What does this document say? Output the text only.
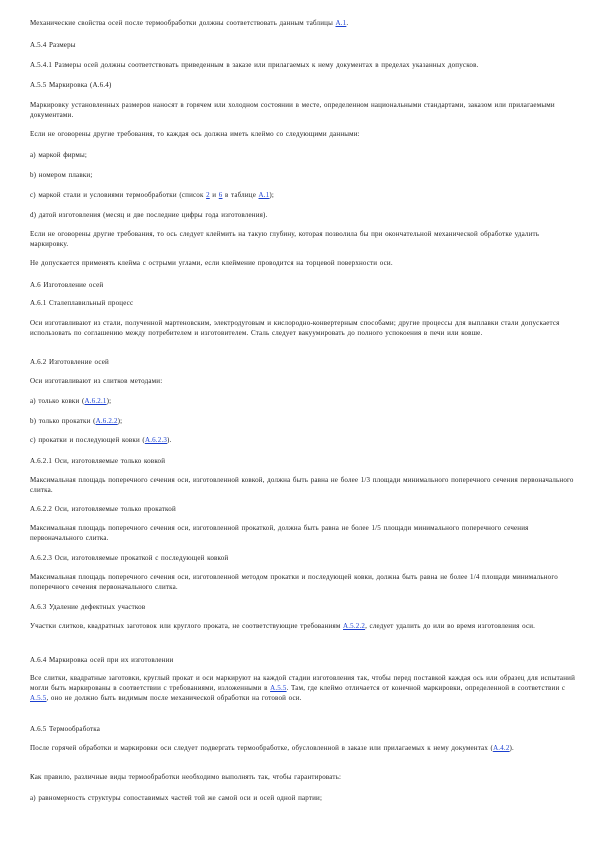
Механические свойства осей после термообработки должны соответствовать данным таблицы A.1.
A.5.4 Размеры
A.5.4.1 Размеры осей должны соответствовать приведенным в заказе или прилагаемых к нему документах в пределах указанных допусков.
A.5.5 Маркировка (A.6.4)
Маркировку установленных размеров наносят в горячем или холодном состоянии в месте, определенном национальными стандартами, заказом или прилагаемыми документами.
Если не оговорены другие требования, то каждая ось должна иметь клеймо со следующими данными:
a) маркой фирмы;
b) номером плавки;
c) маркой стали и условиями термообработки (список 2 и 6 в таблице A.1);
d) датой изготовления (месяц и две последние цифры года изготовления).
Если не оговорены другие требования, то ось следует клеймить на такую глубину, которая позволила бы при окончательной механической обработке удалить маркировку.
Не допускается применять клейма с острыми углами, если клеймение проводится на торцевой поверхности оси.
A.6 Изготовление осей
A.6.1 Сталеплавильный процесс
Оси изготавливают из стали, полученной мартеновским, электродуговым и кислородно-конвертерным способами; другие процессы для выплавки стали допускается использовать по соглашению между потребителем и изготовителем. Сталь следует вакуумировать до полного успокоения в печи или ковше.
A.6.2 Изготовление осей
Оси изготавливают из слитков методами:
a) только ковки (A.6.2.1);
b) только прокатки (A.6.2.2);
c) прокатки и последующей ковки (A.6.2.3).
A.6.2.1 Оси, изготовляемые только ковкой
Максимальная площадь поперечного сечения оси, изготовленной ковкой, должна быть равна не более 1/3 площади минимального поперечного сечения первоначального слитка.
A.6.2.2 Оси, изготовляемые только прокаткой
Максимальная площадь поперечного сечения оси, изготовленной прокаткой, должна быть равна не более 1/5 площади минимального поперечного сечения первоначального слитка.
A.6.2.3 Оси, изготовляемые прокаткой с последующей ковкой
Максимальная площадь поперечного сечения оси, изготовленной методом прокатки и последующей ковки, должна быть равна не более 1/4 площади минимального поперечного сечения первоначального слитка.
A.6.3 Удаление дефектных участков
Участки слитков, квадратных заготовок или круглого проката, не соответствующие требованиям A.5.2.2, следует удалить до или во время изготовления оси.
A.6.4 Маркировка осей при их изготовлении
Все слитки, квадратные заготовки, круглый прокат и оси маркируют на каждой стадии изготовления так, чтобы перед поставкой каждая ось или образец для испытаний могли быть маркированы в соответствии с требованиями, изложенными в A.5.5. Там, где клеймо отличается от конечной маркировки, определенной в соответствии с A.5.5, оно не должно быть видимым после механической обработки на готовой оси.
A.6.5 Термообработка
После горячей обработки и маркировки оси следует подвергать термообработке, обусловленной в заказе или прилагаемых к нему документах (A.4.2).
Как правило, различные виды термообработки необходимо выполнять так, чтобы гарантировать:
a) равномерность структуры сопоставимых частей той же самой оси и осей одной партии;
